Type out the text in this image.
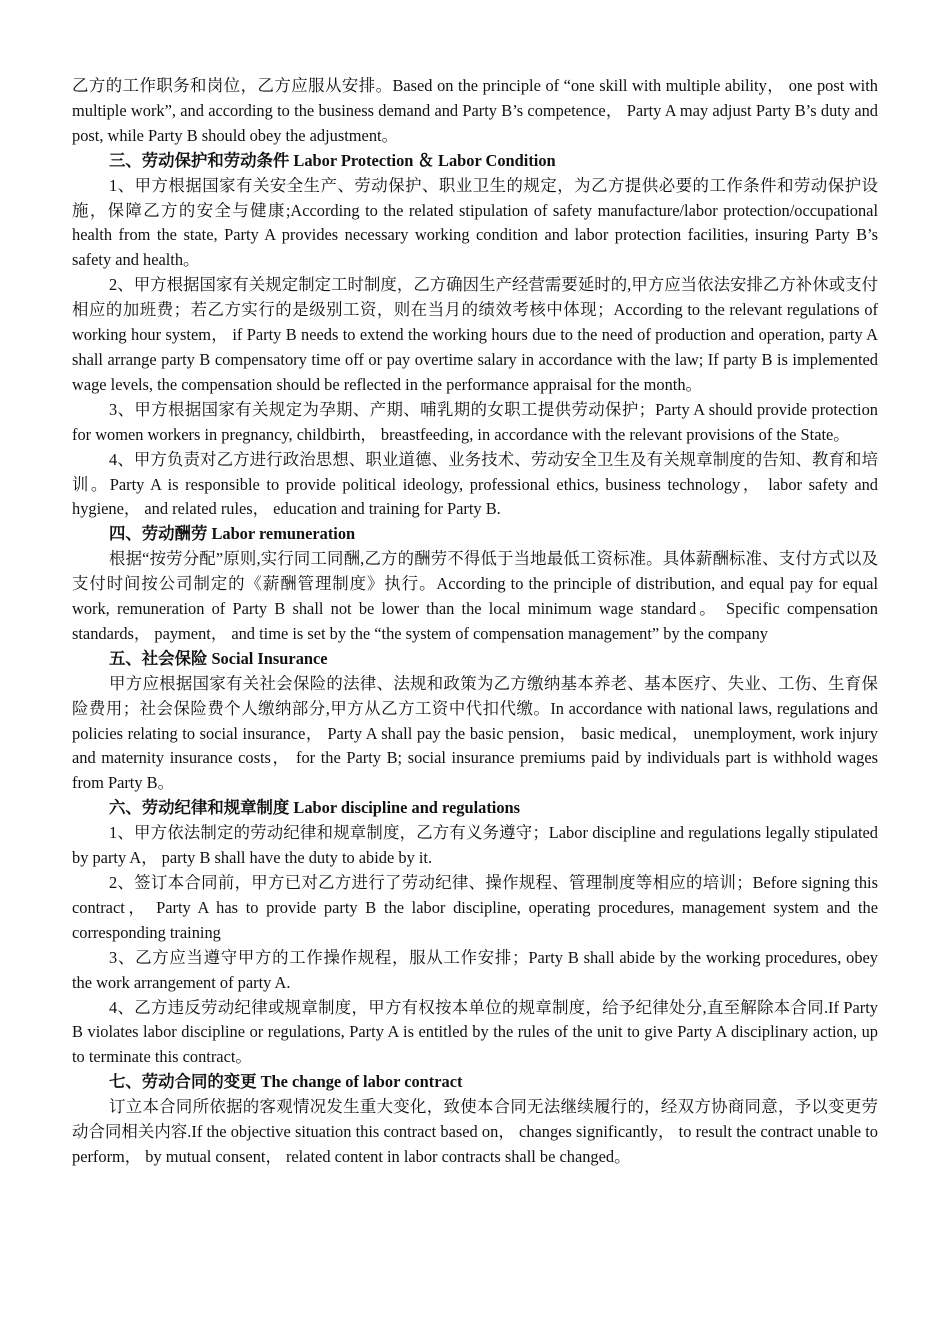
乙方的工作职务和岗位，乙方应服从安排。Based on the principle of “one skill with multiple ability， one post with multiple work”, and according to the business demand and Party B’s competence， Party A may adjust Party B’s duty and post, while Party B should obey the adjustment。

三、劳动保护和劳动条件 Labor Protection ＆ Labor Condition

1、甲方根据国家有关安全生产、劳动保护、职业卫生的规定，为乙方提供必要的工作条件和劳动保护设施，保障乙方的安全与健康;According to the related stipulation of safety manufacture/labor protection/occupational health from the state, Party A provides necessary working condition and labor protection facilities, insuring Party B’s safety and health。

2、甲方根据国家有关规定制定工时制度，乙方确因生产经营需要延时的,甲方应当依法安排乙方补休或支付相应的加班费；若乙方实行的是级别工资，则在当月的绩效考核中体现；According to the relevant regulations of working hour system， if Party B needs to extend the working hours due to the need of production and operation, party A shall arrange party B compensatory time off or pay overtime salary in accordance with the law; If party B is implemented wage levels, the compensation should be reflected in the performance appraisal for the month。

3、甲方根据国家有关规定为孕期、产期、哺乳期的女职工提供劳动保护；Party A should provide protection for women workers in pregnancy, childbirth， breastfeeding, in accordance with the relevant provisions of the State。

4、甲方负责对乙方进行政治思想、职业道德、业务技术、劳动安全卫生及有关规章制度的告知、教育和培训。Party A is responsible to provide political ideology, professional ethics, business technology， labor safety and hygiene， and related rules， education and training for Party B.

四、劳动酬劳 Labor remuneration

根据“按劳分配”原则,实行同工同酬,乙方的酬劳不得低于当地最低工资标准。具体薪酬标准、支付方式以及支付时间按公司制定的《薪酬管理制度》执行。According to the principle of distribution, and equal pay for equal work, remuneration of Party B shall not be lower than the local minimum wage standard。 Specific compensation standards， payment， and time is set by the “the system of compensation management” by the company

五、社会保险 Social Insurance

甲方应根据国家有关社会保险的法律、法规和政策为乙方缴纳基本养老、基本医疗、失业、工伤、生育保险费用；社会保险费个人缴纳部分,甲方从乙方工资中代扣代缴。In accordance with national laws, regulations and policies relating to social insurance， Party A shall pay the basic pension， basic medical， unemployment, work injury and maternity insurance costs， for the Party B; social insurance premiums paid by individuals part is withhold wages from Party B。

六、劳动纪律和规章制度 Labor discipline and regulations

1、甲方依法制定的劳动纪律和规章制度，乙方有义务遵守；Labor discipline and regulations legally stipulated by party A， party B shall have the duty to abide by it.

2、签订本合同前，甲方已对乙方进行了劳动纪律、操作规程、管理制度等相应的培训；Before signing this contract， Party A has to provide party B the labor discipline, operating procedures, management system and the corresponding training

3、乙方应当遵守甲方的工作操作规程，服从工作安排；Party B shall abide by the working procedures, obey the work arrangement of party A.

4、乙方违反劳动纪律或规章制度，甲方有权按本单位的规章制度，给予纪律处分,直至解除本合同.If Party B violates labor discipline or regulations, Party A is entitled by the rules of the unit to give Party A disciplinary action, up to terminate this contract。

七、劳动合同的变更 The change of labor contract

订立本合同所依据的客观情况发生重大变化，致使本合同无法继续履行的，经双方协商同意，予以变更劳动合同相关内容.If the objective situation this contract based on， changes significantly， to result the contract unable to perform， by mutual consent， related content in labor contracts shall be changed。
